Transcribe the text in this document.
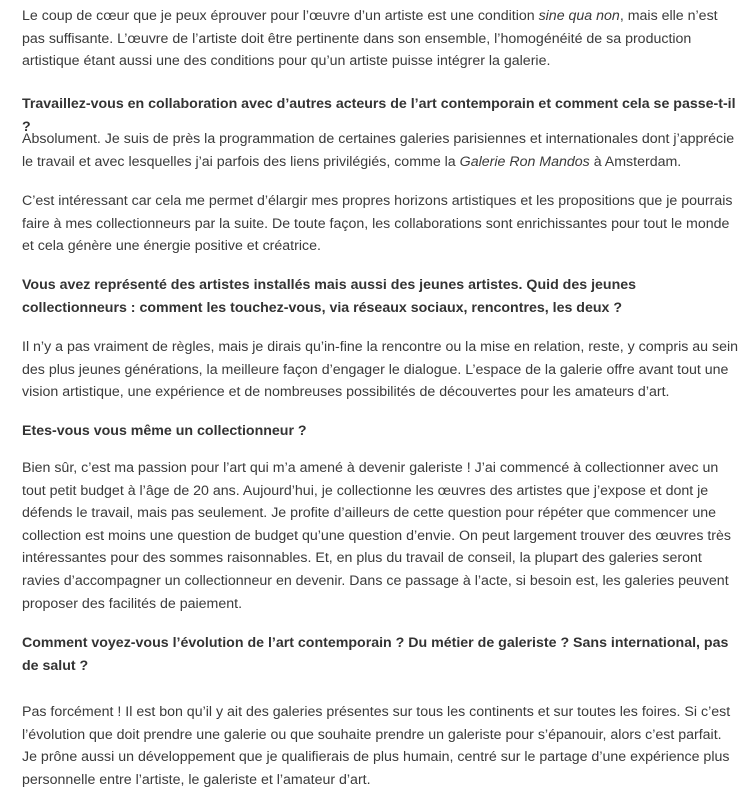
Le coup de cœur que je peux éprouver pour l’œuvre d’un artiste est une condition sine qua non, mais elle n’est pas suffisante. L’œuvre de l’artiste doit être pertinente dans son ensemble, l’homogénéité de sa production artistique étant aussi une des conditions pour qu’un artiste puisse intégrer la galerie.

Travaillez-vous en collaboration avec d’autres acteurs de l’art contemporain et comment cela se passe-t-il ?

Absolument. Je suis de près la programmation de certaines galeries parisiennes et internationales dont j’apprécie le travail et avec lesquelles j’ai parfois des liens privilégiés, comme la Galerie Ron Mandos à Amsterdam.

C’est intéressant car cela me permet d’élargir mes propres horizons artistiques et les propositions que je pourrais faire à mes collectionneurs par la suite. De toute façon, les collaborations sont enrichissantes pour tout le monde et cela génère une énergie positive et créatrice.

Vous avez représenté des artistes installés mais aussi des jeunes artistes. Quid des jeunes collectionneurs : comment les touchez-vous, via réseaux sociaux, rencontres, les deux ?

Il n’y a pas vraiment de règles, mais je dirais qu’in-fine la rencontre ou la mise en relation, reste, y compris au sein des plus jeunes générations, la meilleure façon d’engager le dialogue. L’espace de la galerie offre avant tout une vision artistique, une expérience et de nombreuses possibilités de découvertes pour les amateurs d’art.

Etes-vous vous même un collectionneur ?

Bien sûr, c’est ma passion pour l’art qui m’a amené à devenir galeriste ! J’ai commencé à collectionner avec un tout petit budget à l’âge de 20 ans. Aujourd’hui, je collectionne les œuvres des artistes que j’expose et dont je défends le travail, mais pas seulement. Je profite d’ailleurs de cette question pour répéter que commencer une collection est moins une question de budget qu’une question d’envie. On peut largement trouver des œuvres très intéressantes pour des sommes raisonnables. Et, en plus du travail de conseil, la plupart des galeries seront ravies d’accompagner un collectionneur en devenir. Dans ce passage à l’acte, si besoin est, les galeries peuvent proposer des facilités de paiement.

Comment voyez-vous l’évolution de l’art contemporain ? Du métier de galeriste ? Sans international, pas de salut ?

Pas forcément ! Il est bon qu’il y ait des galeries présentes sur tous les continents et sur toutes les foires. Si c’est l’évolution que doit prendre une galerie ou que souhaite prendre un galeriste pour s’épanouir, alors c’est parfait. Je prône aussi un développement que je qualifierais de plus humain, centré sur le partage d’une expérience plus personnelle entre l’artiste, le galeriste et l’amateur d’art.
